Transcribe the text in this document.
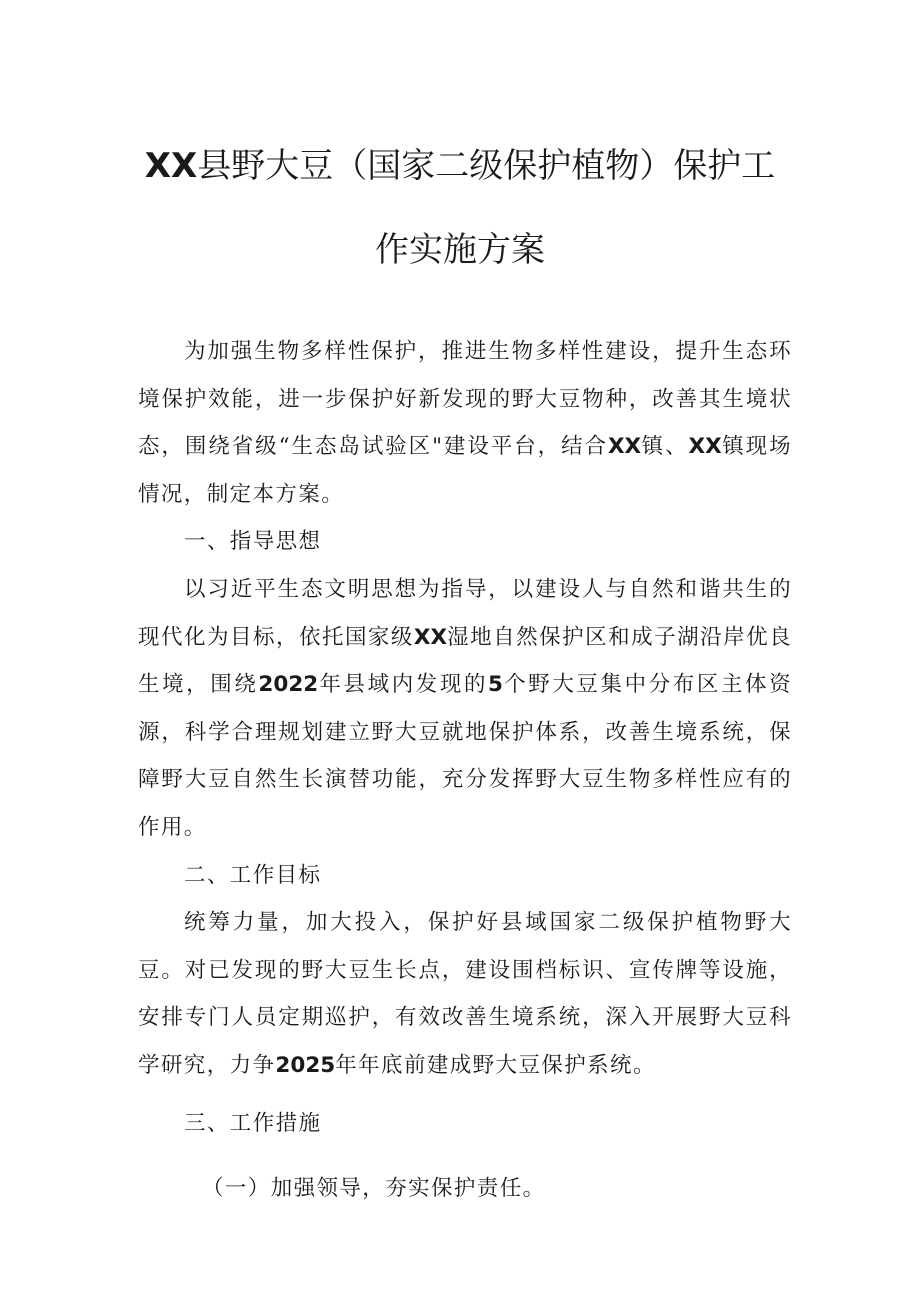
XX县野大豆（国家二级保护植物）保护工
作实施方案

为加强生物多样性保护，推进生物多样性建设，提升生态环境保护效能，进一步保护好新发现的野大豆物种，改善其生境状态，围绕省级“生态岛试验区"建设平台，结合XX镇、XX镇现场情况，制定本方案。

一、指导思想

以习近平生态文明思想为指导，以建设人与自然和谐共生的现代化为目标，依托国家级XX湿地自然保护区和成子湖沿岸优良生境，围绕2022年县域内发现的5个野大豆集中分布区主体资源，科学合理规划建立野大豆就地保护体系，改善生境系统，保障野大豆自然生长演替功能，充分发挥野大豆生物多样性应有的作用。

二、工作目标

统筹力量，加大投入，保护好县域国家二级保护植物野大豆。对已发现的野大豆生长点，建设围档标识、宣传牌等设施，安排专门人员定期巡护，有效改善生境系统，深入开展野大豆科学研究，力争2025年年底前建成野大豆保护系统。

三、工作措施

（一）加强领导，夯实保护责任。
